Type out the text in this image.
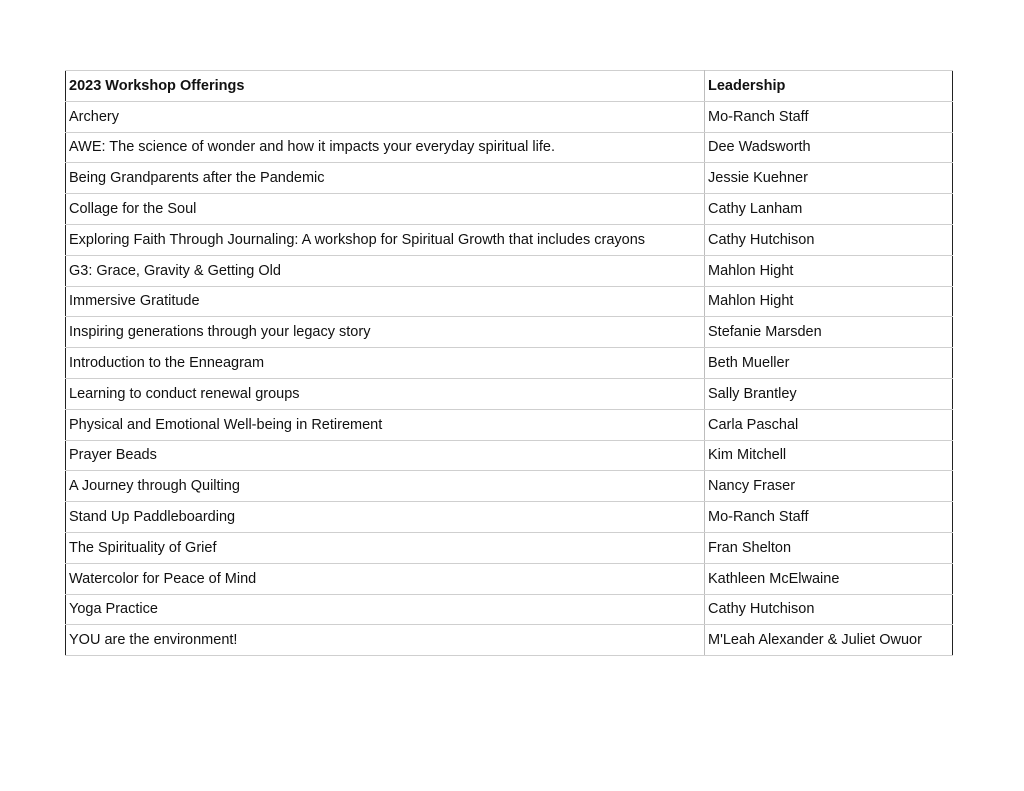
2023 Workshop Offerings	Leadership
Archery	Mo-Ranch Staff
AWE: The science of wonder and how it impacts your everyday spiritual life.	Dee Wadsworth
Being Grandparents after the Pandemic	Jessie Kuehner
Collage for the Soul	Cathy Lanham
Exploring Faith Through Journaling: A workshop for Spiritual Growth that includes crayons	Cathy Hutchison
G3: Grace, Gravity & Getting Old	Mahlon Hight
Immersive Gratitude	Mahlon Hight
Inspiring generations through your legacy story	Stefanie Marsden
Introduction to the Enneagram	Beth Mueller
Learning to conduct renewal groups	Sally Brantley
Physical and Emotional Well-being in Retirement	Carla Paschal
Prayer Beads	Kim Mitchell
A Journey through Quilting	Nancy Fraser
Stand Up Paddleboarding	Mo-Ranch Staff
The Spirituality of Grief	Fran Shelton
Watercolor for Peace of Mind	Kathleen McElwaine
Yoga Practice	Cathy Hutchison
YOU are the environment!	M'Leah Alexander & Juliet Owuor
